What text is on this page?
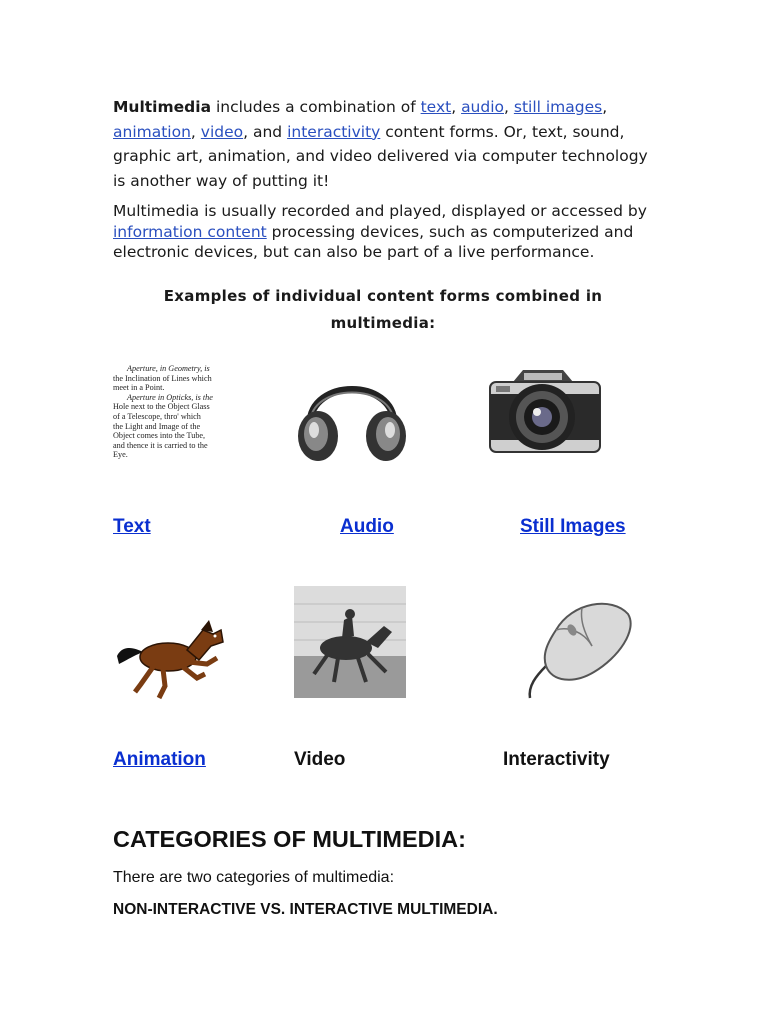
Multimedia includes a combination of text, audio, still images, animation, video, and interactivity content forms. Or, text, sound, graphic art, animation, and video delivered via computer technology is another way of putting it!

Multimedia is usually recorded and played, displayed or accessed by information content processing devices, such as computerized and electronic devices, but can also be part of a live performance.

Examples of individual content forms combined in
multimedia:
Aperture, in Geometry, is
the Inclination of Lines which
meet in a Point.
Aperture in Opticks, is the
Hole next to the Object Glass
of a Telescope, thro' which
the Light and Image of the
Object comes into the Tube,
and thence it is carried to the
Eye.
Text	Audio	Still Images
Animation	Video	Interactivity
CATEGORIES OF MULTIMEDIA:
There are two categories of multimedia:
NON-INTERACTIVE VS. INTERACTIVE MULTIMEDIA.
